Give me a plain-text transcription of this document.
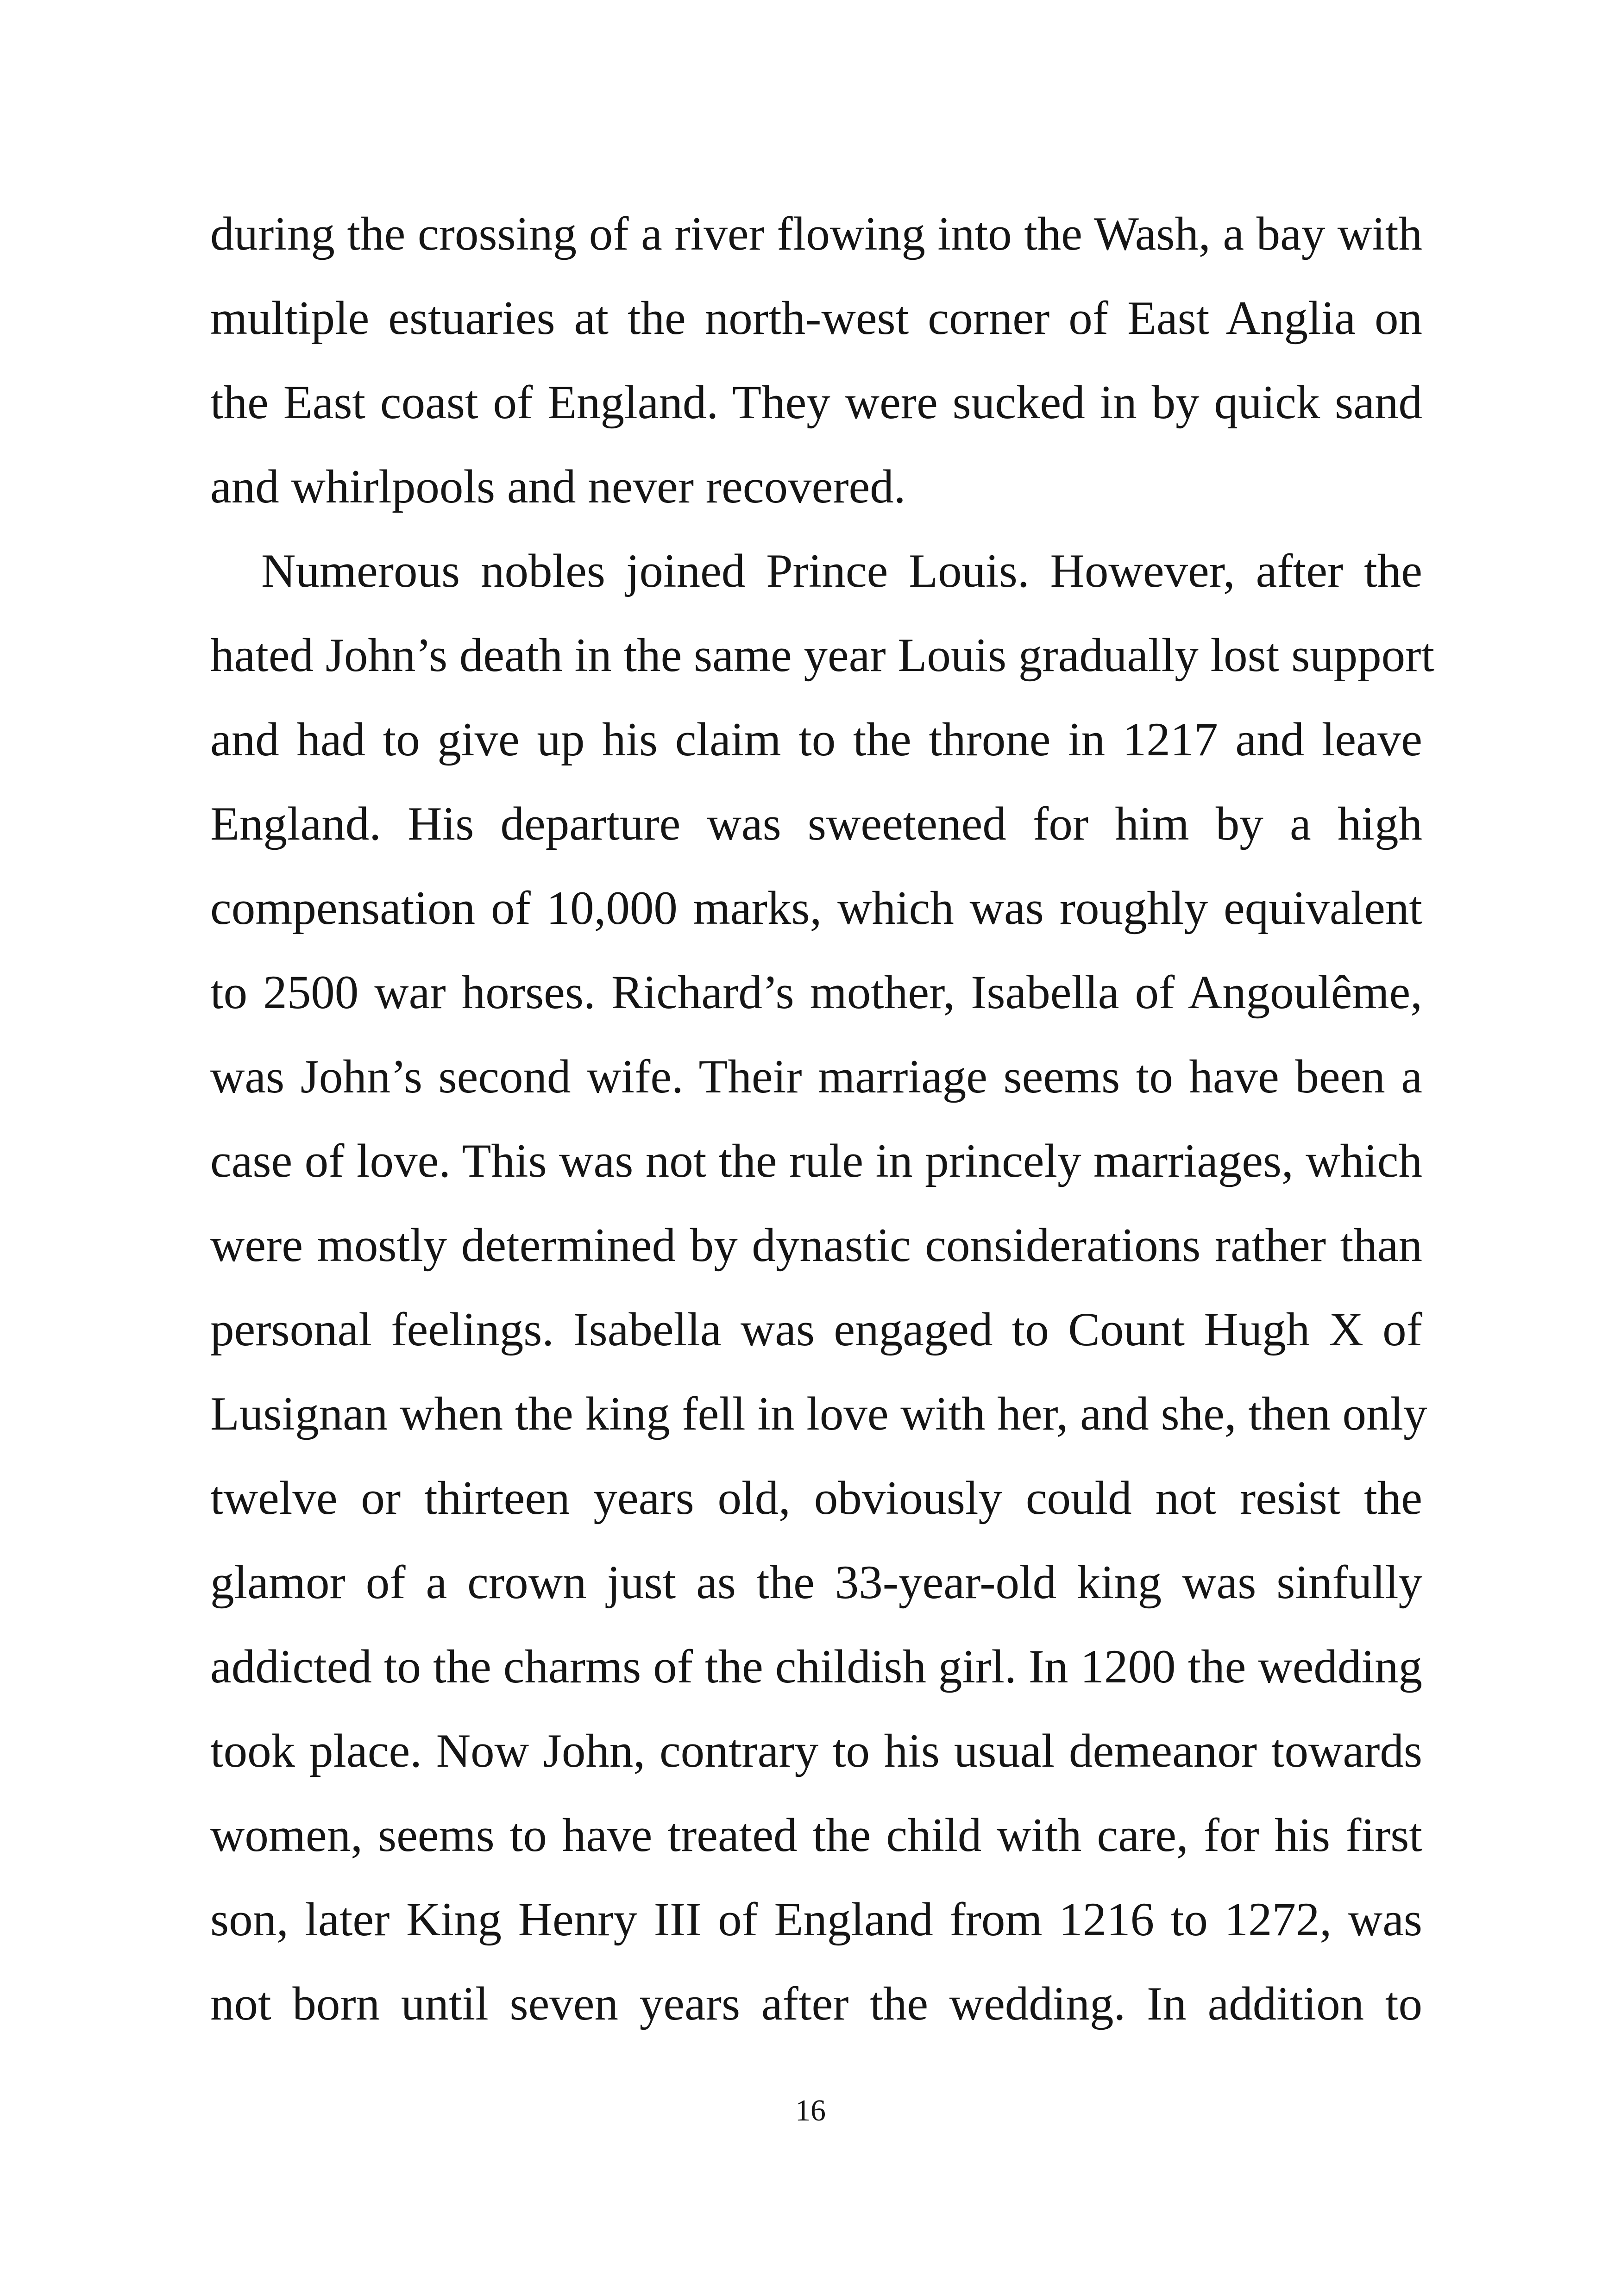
during the crossing of a river flowing into the Wash, a bay with
multiple estuaries at the north-west corner of East Anglia on
the East coast of England. They were sucked in by quick sand
and whirlpools and never recovered.
Numerous nobles joined Prince Louis. However, after the
hated John’s death in the same year Louis gradually lost support
and had to give up his claim to the throne in 1217 and leave
England. His departure was sweetened for him by a high
compensation of 10,000 marks, which was roughly equivalent
to 2500 war horses. Richard’s mother, Isabella of Angoulême,
was John’s second wife. Their marriage seems to have been a
case of love. This was not the rule in princely marriages, which
were mostly determined by dynastic considerations rather than
personal feelings. Isabella was engaged to Count Hugh X of
Lusignan when the king fell in love with her, and she, then only
twelve or thirteen years old, obviously could not resist the
glamor of a crown just as the 33-year-old king was sinfully
addicted to the charms of the childish girl. In 1200 the wedding
took place. Now John, contrary to his usual demeanor towards
women, seems to have treated the child with care, for his first
son, later King Henry III of England from 1216 to 1272, was
not born until seven years after the wedding. In addition to
16
